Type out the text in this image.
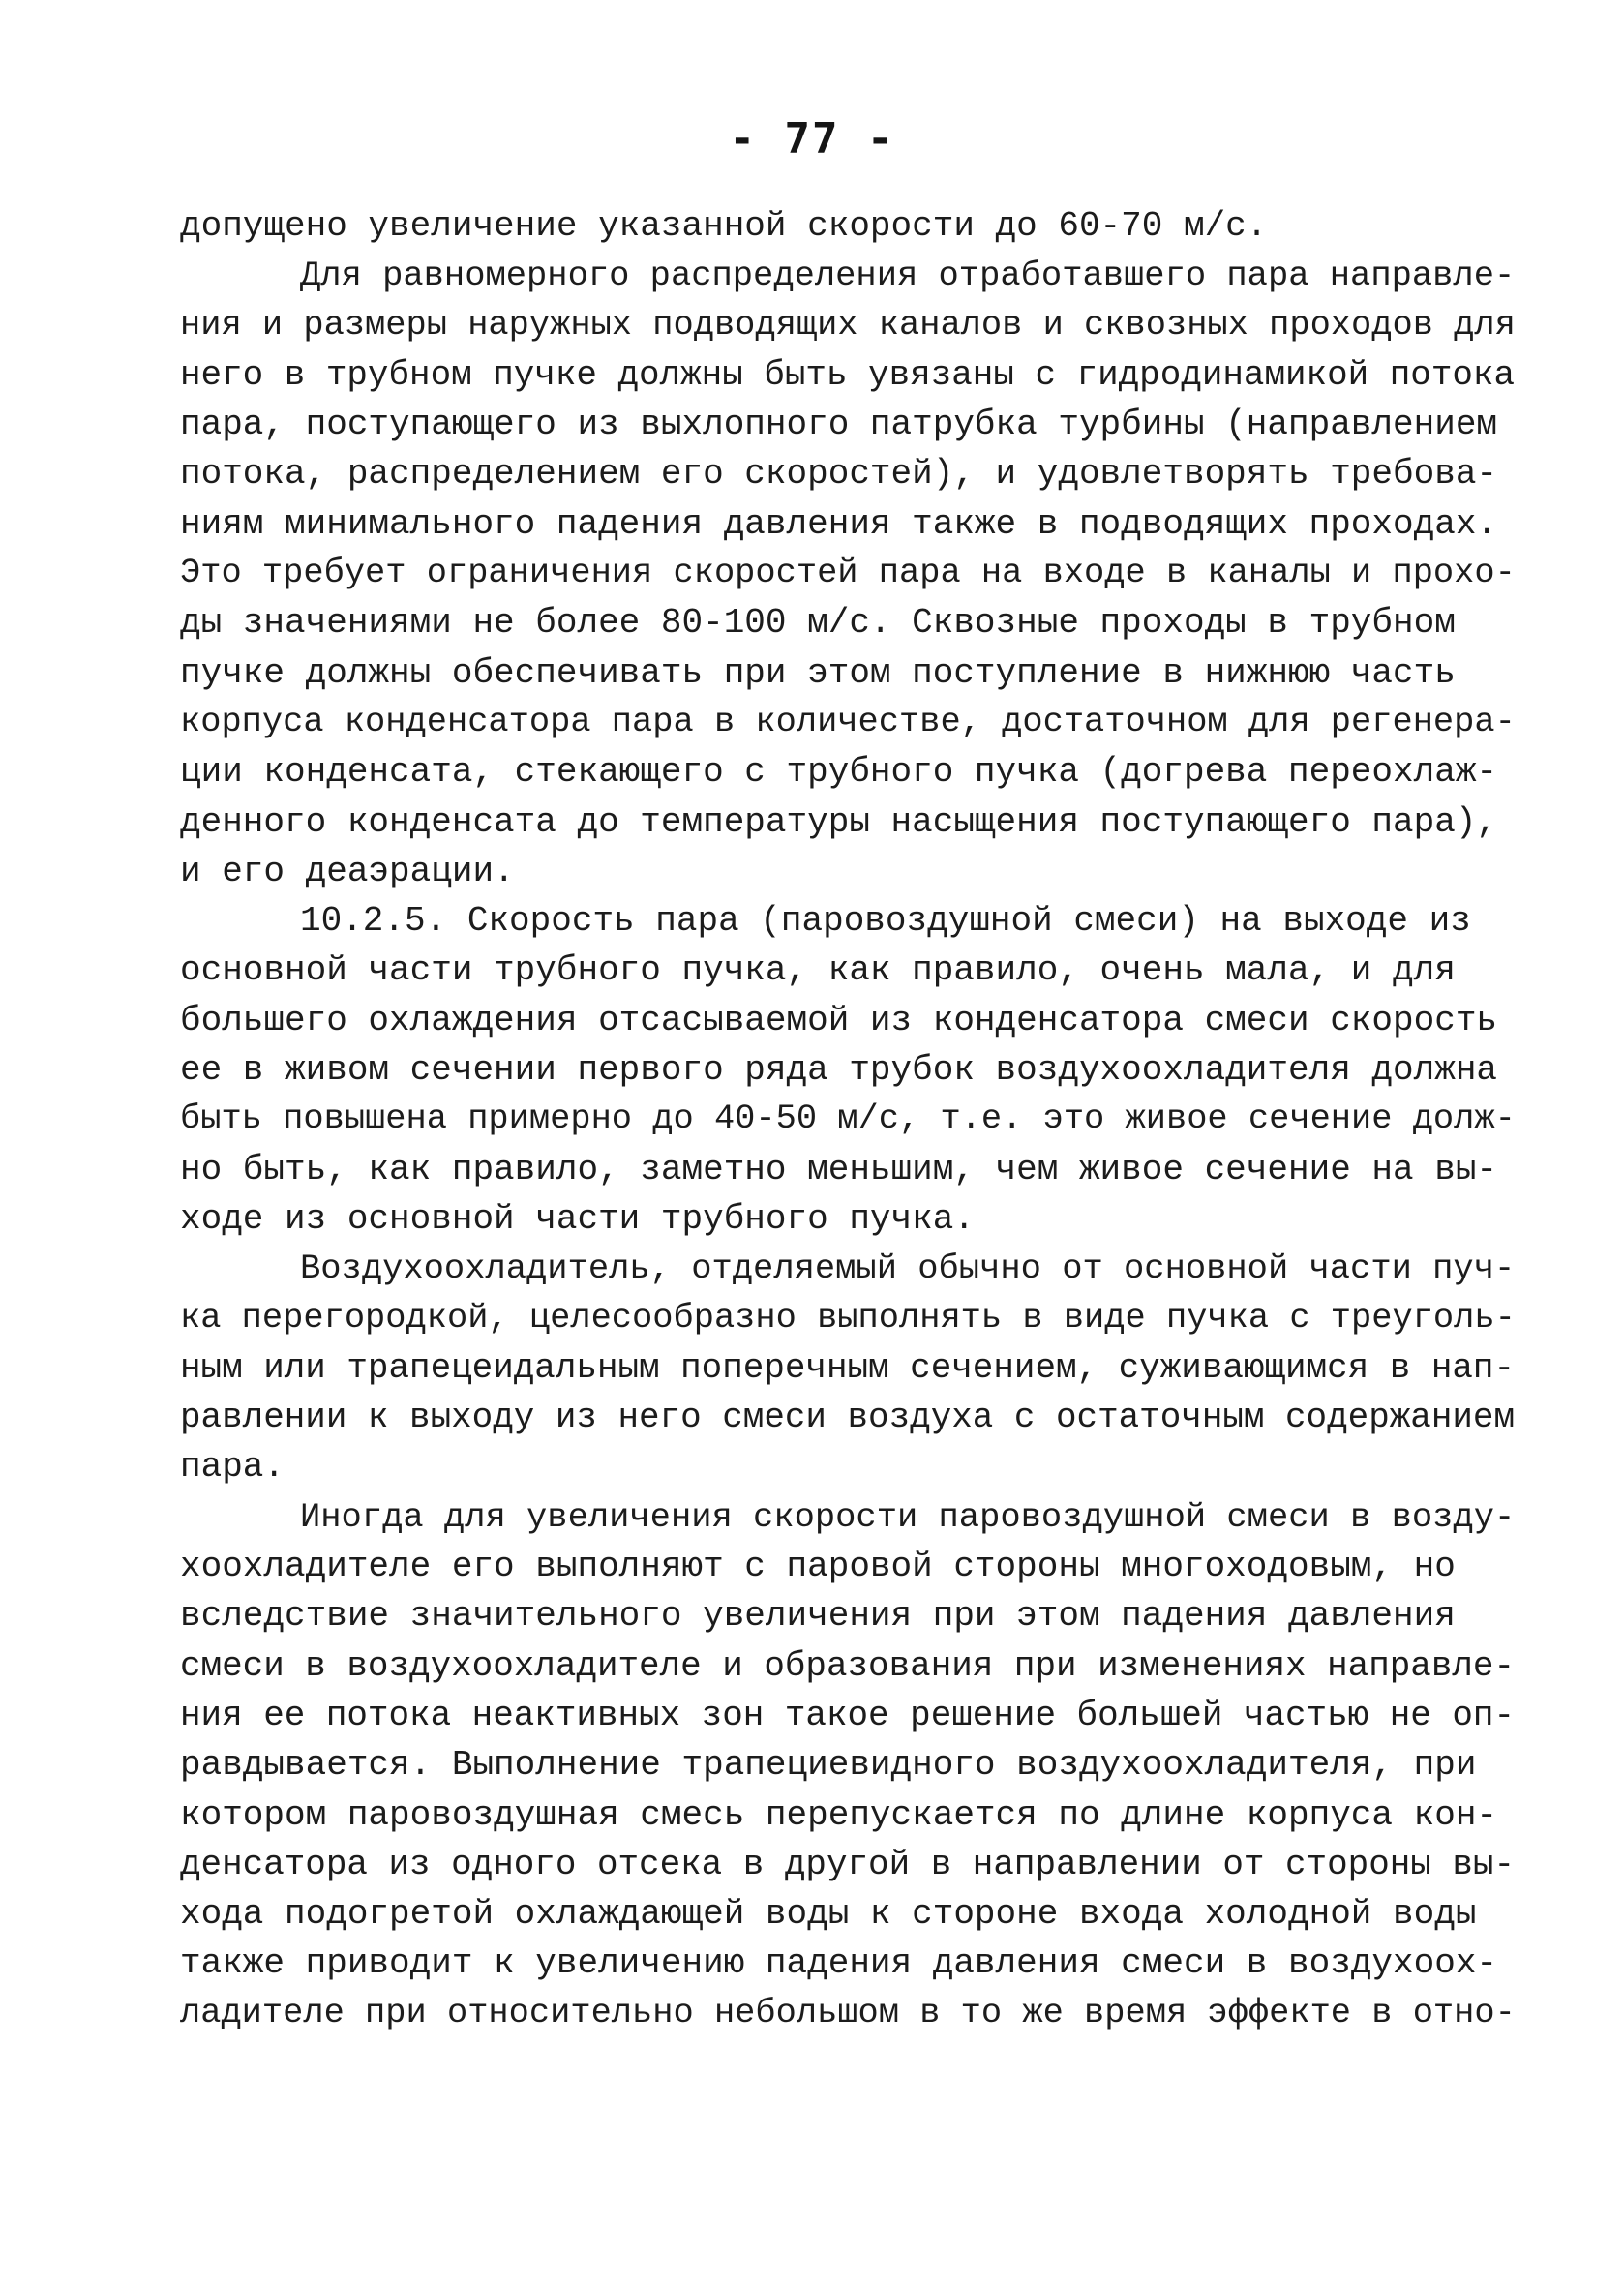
- 77 -
допущено увеличение указанной скорости до 60-70 м/с.
Для равномерного распределения отработавшего пара направле-
ния и размеры наружных подводящих каналов и сквозных проходов для
него в трубном пучке должны быть увязаны с гидродинамикой потока
пара, поступающего из выхлопного патрубка турбины (направлением
потока, распределением его скоростей), и удовлетворять требова-
ниям минимального падения давления также в подводящих проходах.
Это требует ограничения скоростей пара на входе в каналы и прохо-
ды значениями не более 80-100 м/с. Сквозные проходы в трубном
пучке должны обеспечивать при этом поступление в нижнюю часть
корпуса конденсатора пара в количестве, достаточном для регенера-
ции конденсата, стекающего с трубного пучка (догрева переохлаж-
денного конденсата до температуры насыщения поступающего пара),
и его деаэрации.
10.2.5. Скорость пара (паровоздушной смеси) на выходе из
основной части трубного пучка, как правило, очень мала, и для
большего охлаждения отсасываемой из конденсатора смеси скорость
ее в живом сечении первого ряда трубок воздухоохладителя должна
быть повышена примерно до 40-50 м/с, т.е. это живое сечение долж-
но быть, как правило, заметно меньшим, чем живое сечение на вы-
ходе из основной части трубного пучка.
Воздухоохладитель, отделяемый обычно от основной части пуч-
ка перегородкой, целесообразно выполнять в виде пучка с треуголь-
ным или трапецеидальным поперечным сечением, суживающимся в нап-
равлении к выходу из него смеси воздуха с остаточным содержанием
пара.
Иногда для увеличения скорости паровоздушной смеси в возду-
хоохладителе его выполняют с паровой стороны многоходовым, но
вследствие значительного увеличения при этом падения давления
смеси в воздухоохладителе и образования при изменениях направле-
ния ее потока неактивных зон такое решение большей частью не оп-
равдывается. Выполнение трапециевидного воздухоохладителя, при
котором паровоздушная смесь перепускается по длине корпуса кон-
денсатора из одного отсека в другой в направлении от стороны вы-
хода подогретой охлаждающей воды к стороне входа холодной воды
также приводит к увеличению падения давления смеси в воздухоох-
ладителе при относительно небольшом в то же время эффекте в отно-
